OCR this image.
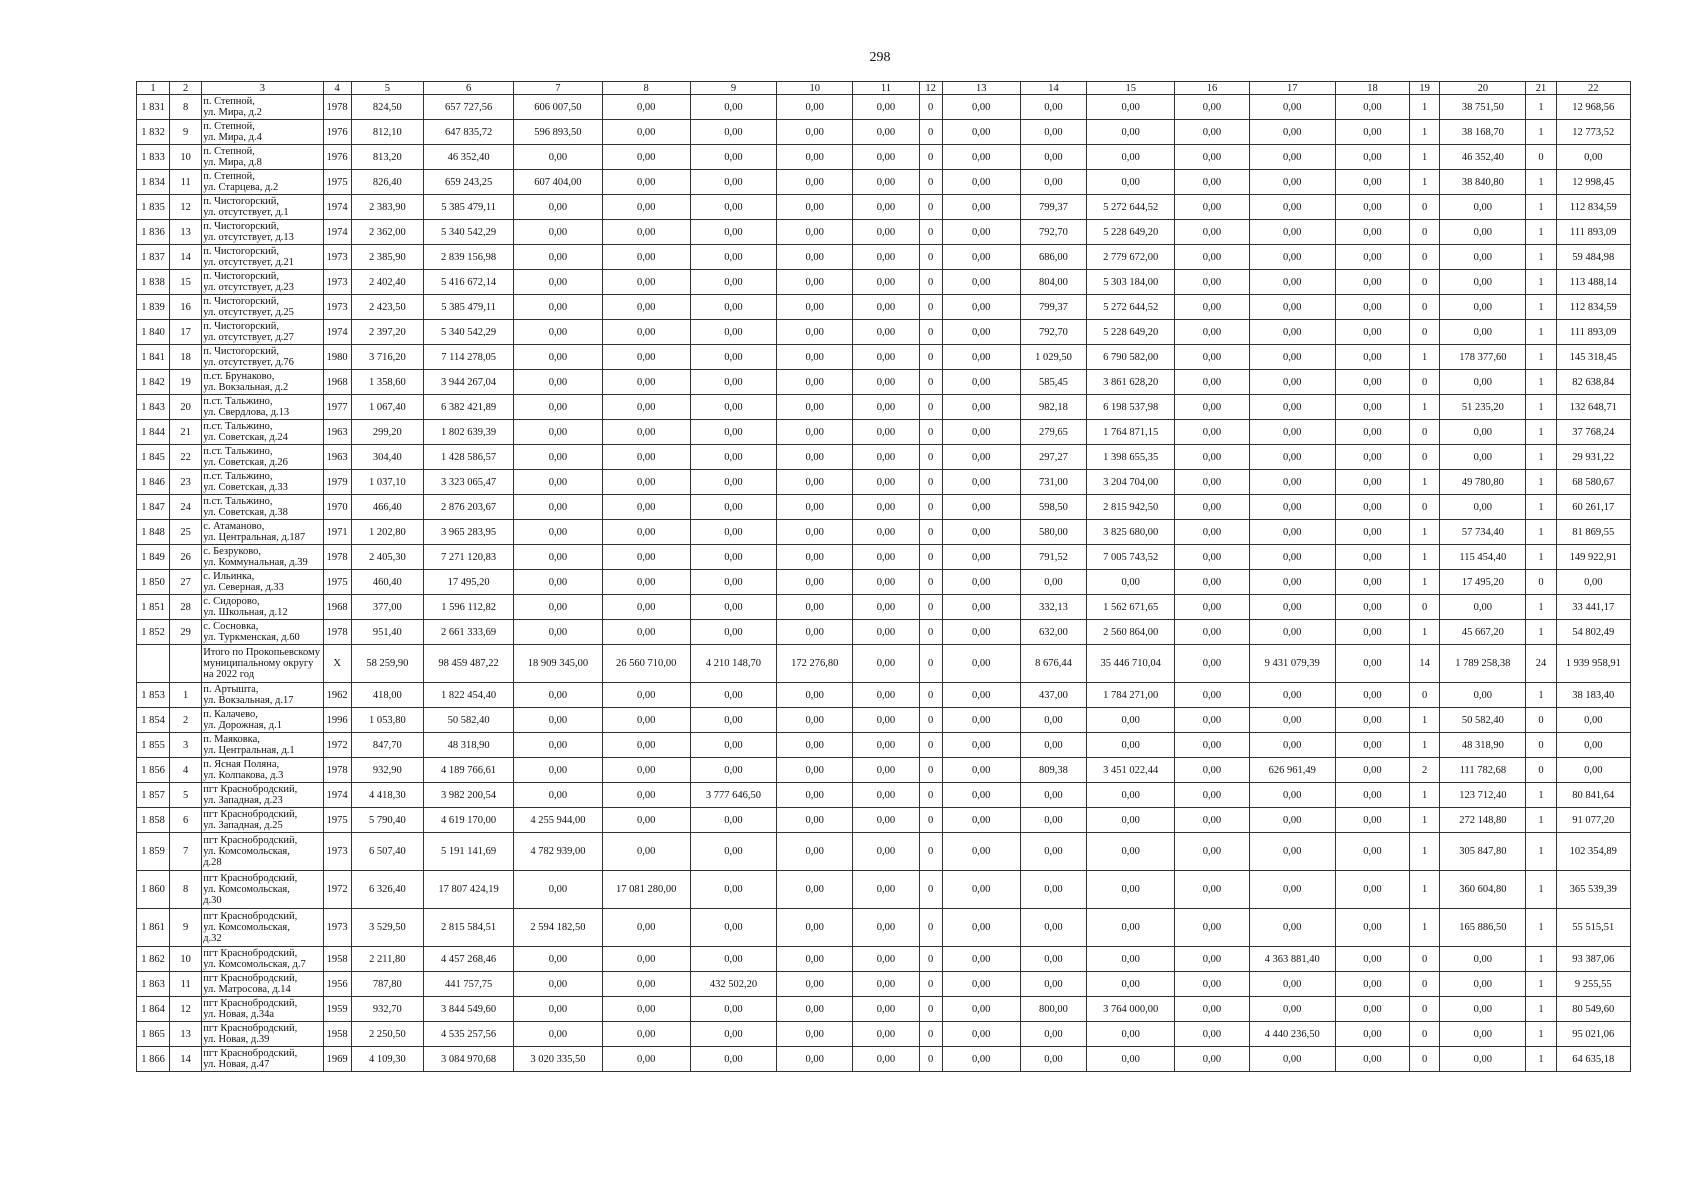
298
1	2	3	4	5	6	7	8	9	10	11	12	13	14	15	16	17	18	19	20	21	22
1 831	8	п. Степной,
ул. Мира, д.2	1978	824,50	657 727,56	606 007,50	0,00	0,00	0,00	0,00	0	0,00	0,00	0,00	0,00	0,00	0,00	1	38 751,50	1	12 968,56
1 832	9	п. Степной,
ул. Мира, д.4	1976	812,10	647 835,72	596 893,50	0,00	0,00	0,00	0,00	0	0,00	0,00	0,00	0,00	0,00	0,00	1	38 168,70	1	12 773,52
1 833	10	п. Степной,
ул. Мира, д.8	1976	813,20	46 352,40	0,00	0,00	0,00	0,00	0,00	0	0,00	0,00	0,00	0,00	0,00	0,00	1	46 352,40	0	0,00
1 834	11	п. Степной,
ул. Старцева, д.2	1975	826,40	659 243,25	607 404,00	0,00	0,00	0,00	0,00	0	0,00	0,00	0,00	0,00	0,00	0,00	1	38 840,80	1	12 998,45
1 835	12	п. Чистогорский,
ул. отсутствует, д.1	1974	2 383,90	5 385 479,11	0,00	0,00	0,00	0,00	0,00	0	0,00	799,37	5 272 644,52	0,00	0,00	0,00	0	0,00	1	112 834,59
1 836	13	п. Чистогорский,
ул. отсутствует, д.13	1974	2 362,00	5 340 542,29	0,00	0,00	0,00	0,00	0,00	0	0,00	792,70	5 228 649,20	0,00	0,00	0,00	0	0,00	1	111 893,09
1 837	14	п. Чистогорский,
ул. отсутствует, д.21	1973	2 385,90	2 839 156,98	0,00	0,00	0,00	0,00	0,00	0	0,00	686,00	2 779 672,00	0,00	0,00	0,00	0	0,00	1	59 484,98
1 838	15	п. Чистогорский,
ул. отсутствует, д.23	1973	2 402,40	5 416 672,14	0,00	0,00	0,00	0,00	0,00	0	0,00	804,00	5 303 184,00	0,00	0,00	0,00	0	0,00	1	113 488,14
1 839	16	п. Чистогорский,
ул. отсутствует, д.25	1973	2 423,50	5 385 479,11	0,00	0,00	0,00	0,00	0,00	0	0,00	799,37	5 272 644,52	0,00	0,00	0,00	0	0,00	1	112 834,59
1 840	17	п. Чистогорский,
ул. отсутствует, д.27	1974	2 397,20	5 340 542,29	0,00	0,00	0,00	0,00	0,00	0	0,00	792,70	5 228 649,20	0,00	0,00	0,00	0	0,00	1	111 893,09
1 841	18	п. Чистогорский,
ул. отсутствует, д.76	1980	3 716,20	7 114 278,05	0,00	0,00	0,00	0,00	0,00	0	0,00	1 029,50	6 790 582,00	0,00	0,00	0,00	1	178 377,60	1	145 318,45
1 842	19	п.ст. Брунаково,
ул. Вокзальная, д.2	1968	1 358,60	3 944 267,04	0,00	0,00	0,00	0,00	0,00	0	0,00	585,45	3 861 628,20	0,00	0,00	0,00	0	0,00	1	82 638,84
1 843	20	п.ст. Тальжино,
ул. Свердлова, д.13	1977	1 067,40	6 382 421,89	0,00	0,00	0,00	0,00	0,00	0	0,00	982,18	6 198 537,98	0,00	0,00	0,00	1	51 235,20	1	132 648,71
1 844	21	п.ст. Тальжино,
ул. Советская, д.24	1963	299,20	1 802 639,39	0,00	0,00	0,00	0,00	0,00	0	0,00	279,65	1 764 871,15	0,00	0,00	0,00	0	0,00	1	37 768,24
1 845	22	п.ст. Тальжино,
ул. Советская, д.26	1963	304,40	1 428 586,57	0,00	0,00	0,00	0,00	0,00	0	0,00	297,27	1 398 655,35	0,00	0,00	0,00	0	0,00	1	29 931,22
1 846	23	п.ст. Тальжино,
ул. Советская, д.33	1979	1 037,10	3 323 065,47	0,00	0,00	0,00	0,00	0,00	0	0,00	731,00	3 204 704,00	0,00	0,00	0,00	1	49 780,80	1	68 580,67
1 847	24	п.ст. Тальжино,
ул. Советская, д.38	1970	466,40	2 876 203,67	0,00	0,00	0,00	0,00	0,00	0	0,00	598,50	2 815 942,50	0,00	0,00	0,00	0	0,00	1	60 261,17
1 848	25	с. Атаманово,
ул. Центральная, д.187	1971	1 202,80	3 965 283,95	0,00	0,00	0,00	0,00	0,00	0	0,00	580,00	3 825 680,00	0,00	0,00	0,00	1	57 734,40	1	81 869,55
1 849	26	с. Безруково,
ул. Коммунальная, д.39	1978	2 405,30	7 271 120,83	0,00	0,00	0,00	0,00	0,00	0	0,00	791,52	7 005 743,52	0,00	0,00	0,00	1	115 454,40	1	149 922,91
1 850	27	с. Ильинка,
ул. Северная, д.33	1975	460,40	17 495,20	0,00	0,00	0,00	0,00	0,00	0	0,00	0,00	0,00	0,00	0,00	0,00	1	17 495,20	0	0,00
1 851	28	с. Сидорово,
ул. Школьная, д.12	1968	377,00	1 596 112,82	0,00	0,00	0,00	0,00	0,00	0	0,00	332,13	1 562 671,65	0,00	0,00	0,00	0	0,00	1	33 441,17
1 852	29	с. Сосновка,
ул. Туркменская, д.60	1978	951,40	2 661 333,69	0,00	0,00	0,00	0,00	0,00	0	0,00	632,00	2 560 864,00	0,00	0,00	0,00	1	45 667,20	1	54 802,49
		Итого по Прокопьевскому муниципальному округу на 2022 год	X	58 259,90	98 459 487,22	18 909 345,00	26 560 710,00	4 210 148,70	172 276,80	0,00	0	0,00	8 676,44	35 446 710,04	0,00	9 431 079,39	0,00	14	1 789 258,38	24	1 939 958,91
1 853	1	п. Артыштa,
ул. Вокзальная, д.17	1962	418,00	1 822 454,40	0,00	0,00	0,00	0,00	0,00	0	0,00	437,00	1 784 271,00	0,00	0,00	0,00	0	0,00	1	38 183,40
1 854	2	п. Калачево,
ул. Дорожная, д.1	1996	1 053,80	50 582,40	0,00	0,00	0,00	0,00	0,00	0	0,00	0,00	0,00	0,00	0,00	0,00	1	50 582,40	0	0,00
1 855	3	п. Маяковка,
ул. Центральная, д.1	1972	847,70	48 318,90	0,00	0,00	0,00	0,00	0,00	0	0,00	0,00	0,00	0,00	0,00	0,00	1	48 318,90	0	0,00
1 856	4	п. Ясная Поляна,
ул. Колпакова, д.3	1978	932,90	4 189 766,61	0,00	0,00	0,00	0,00	0,00	0	0,00	809,38	3 451 022,44	0,00	626 961,49	0,00	2	111 782,68	0	0,00
1 857	5	пгт Краснобродский,
ул. Западная, д.23	1974	4 418,30	3 982 200,54	0,00	0,00	3 777 646,50	0,00	0,00	0	0,00	0,00	0,00	0,00	0,00	0,00	1	123 712,40	1	80 841,64
1 858	6	пгт Краснобродский,
ул. Западная, д.25	1975	5 790,40	4 619 170,00	4 255 944,00	0,00	0,00	0,00	0,00	0	0,00	0,00	0,00	0,00	0,00	0,00	1	272 148,80	1	91 077,20
1 859	7	пгт Краснобродский,
ул. Комсомольская,
д.28	1973	6 507,40	5 191 141,69	4 782 939,00	0,00	0,00	0,00	0,00	0	0,00	0,00	0,00	0,00	0,00	0,00	1	305 847,80	1	102 354,89
1 860	8	пгт Краснобродский,
ул. Комсомольская,
д.30	1972	6 326,40	17 807 424,19	0,00	17 081 280,00	0,00	0,00	0,00	0	0,00	0,00	0,00	0,00	0,00	0,00	1	360 604,80	1	365 539,39
1 861	9	пгт Краснобродский,
ул. Комсомольская,
д.32	1973	3 529,50	2 815 584,51	2 594 182,50	0,00	0,00	0,00	0,00	0	0,00	0,00	0,00	0,00	0,00	0,00	1	165 886,50	1	55 515,51
1 862	10	пгт Краснобродский,
ул. Комсомольская, д.7	1958	2 211,80	4 457 268,46	0,00	0,00	0,00	0,00	0,00	0	0,00	0,00	0,00	0,00	4 363 881,40	0,00	0	0,00	1	93 387,06
1 863	11	пгт Краснобродский,
ул. Матросова, д.14	1956	787,80	441 757,75	0,00	0,00	432 502,20	0,00	0,00	0	0,00	0,00	0,00	0,00	0,00	0,00	0	0,00	1	9 255,55
1 864	12	пгт Краснобродский,
ул. Новая, д.34а	1959	932,70	3 844 549,60	0,00	0,00	0,00	0,00	0,00	0	0,00	800,00	3 764 000,00	0,00	0,00	0,00	0	0,00	1	80 549,60
1 865	13	пгт Краснобродский,
ул. Новая, д.39	1958	2 250,50	4 535 257,56	0,00	0,00	0,00	0,00	0,00	0	0,00	0,00	0,00	0,00	4 440 236,50	0,00	0	0,00	1	95 021,06
1 866	14	пгт Краснобродский,
ул. Новая, д.47	1969	4 109,30	3 084 970,68	3 020 335,50	0,00	0,00	0,00	0,00	0	0,00	0,00	0,00	0,00	0,00	0,00	0	0,00	1	64 635,18
